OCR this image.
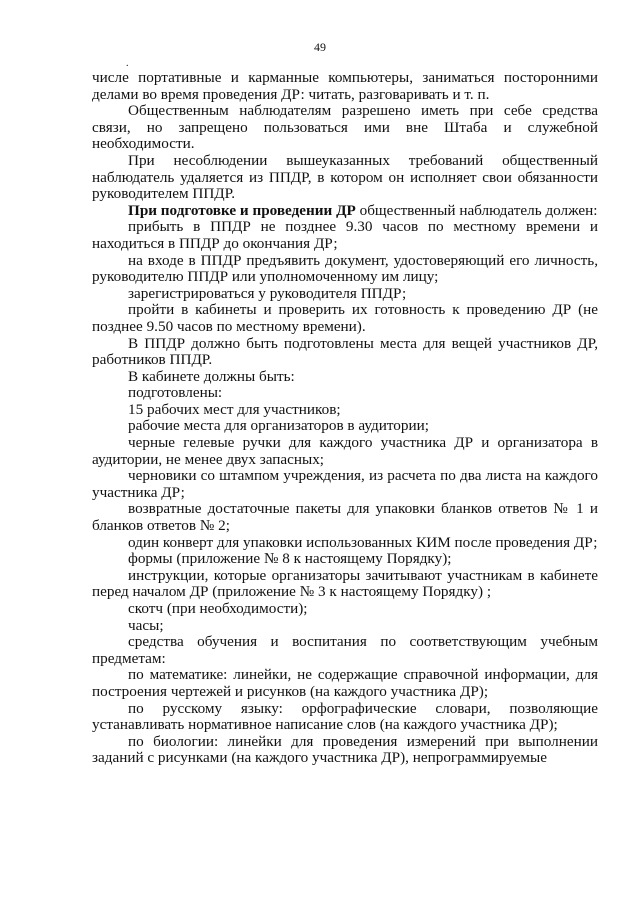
49
.

числе портативные и карманные компьютеры, заниматься посторонними делами во время проведения ДР: читать, разговаривать и т. п.

Общественным наблюдателям разрешено иметь при себе средства связи, но запрещено пользоваться ими вне Штаба и служебной необходимости.

При несоблюдении вышеуказанных требований общественный наблюдатель удаляется из ППДР, в котором он исполняет свои обязанности руководителем ППДР.

При подготовке и проведении ДР общественный наблюдатель должен:

прибыть в ППДР не позднее 9.30 часов по местному времени и находиться в ППДР до окончания ДР;

на входе в ППДР предъявить документ, удостоверяющий его личность, руководителю ППДР или уполномоченному им лицу;

зарегистрироваться у руководителя ППДР;

пройти в кабинеты и проверить их готовность к проведению ДР (не позднее 9.50 часов по местному времени).

В ППДР должно быть подготовлены места для вещей участников ДР, работников ППДР.

В кабинете должны быть:

подготовлены:

15 рабочих мест для участников;

рабочие места для организаторов в аудитории;

черные гелевые ручки для каждого участника ДР и организатора в аудитории, не менее двух запасных;

черновики со штампом учреждения, из расчета по два листа на каждого участника ДР;

возвратные достаточные пакеты для упаковки бланков ответов № 1 и бланков ответов № 2;

один конверт для упаковки использованных КИМ после проведения ДР;

формы (приложение № 8 к настоящему Порядку);

инструкции, которые организаторы зачитывают участникам в кабинете перед началом ДР (приложение № 3 к настоящему Порядку) ;

скотч (при необходимости);

часы;

средства обучения и воспитания по соответствующим учебным предметам:

по математике: линейки, не содержащие справочной информации, для построения чертежей и рисунков (на каждого участника ДР);

по русскому языку: орфографические словари, позволяющие устанавливать нормативное написание слов (на каждого участника ДР);

по биологии: линейки для проведения измерений при выполнении заданий с рисунками (на каждого участника ДР), непрограммируемые
